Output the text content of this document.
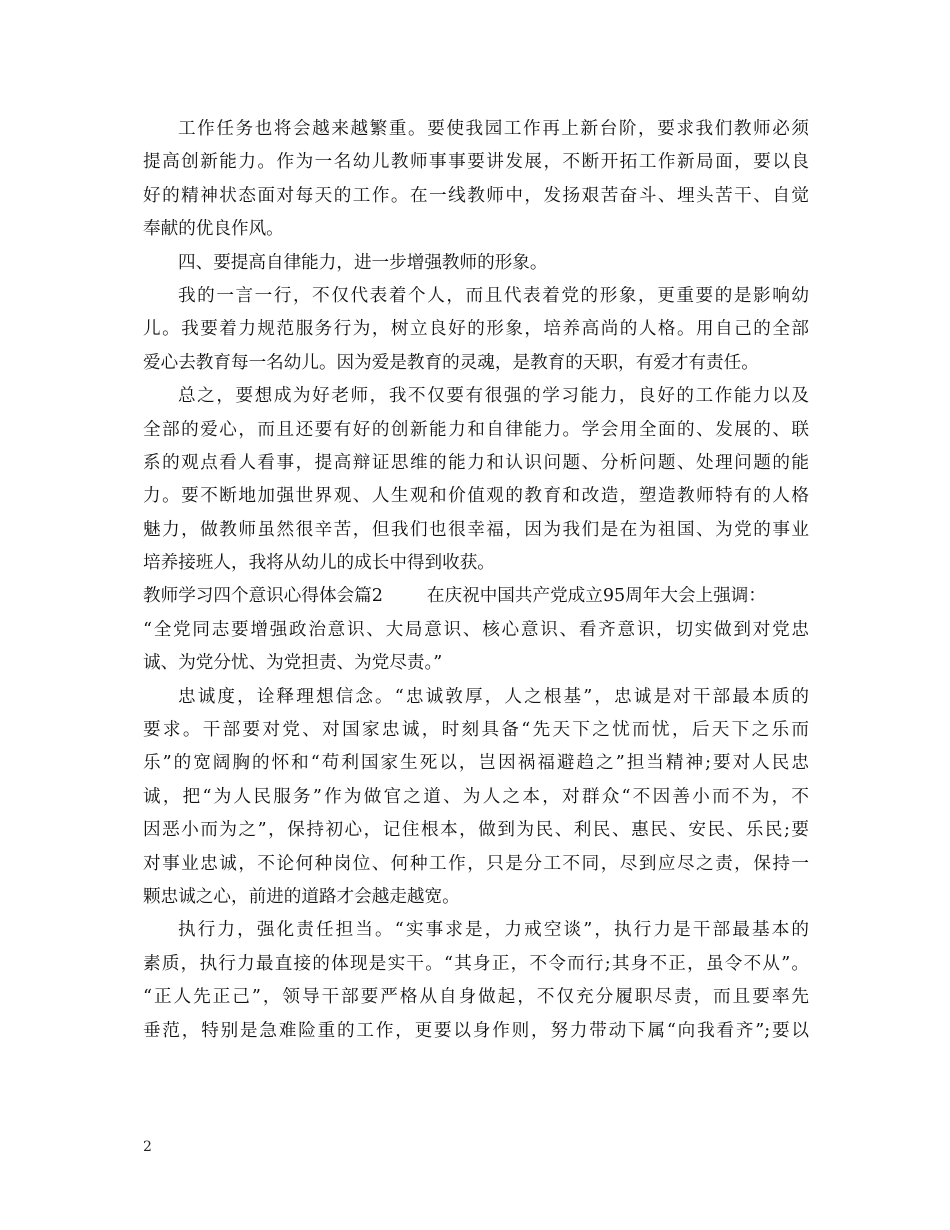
工作任务也将会越来越繁重。要使我园工作再上新台阶，要求我们教师必须
提高创新能力。作为一名幼儿教师事事要讲发展，不断开拓工作新局面，要以良
好的精神状态面对每天的工作。在一线教师中，发扬艰苦奋斗、埋头苦干、自觉
奉献的优良作风。
四、要提高自律能力，进一步增强教师的形象。
我的一言一行，不仅代表着个人，而且代表着党的形象，更重要的是影响幼
儿。我要着力规范服务行为，树立良好的形象，培养高尚的人格。用自己的全部
爱心去教育每一名幼儿。因为爱是教育的灵魂，是教育的天职，有爱才有责任。
总之，要想成为好老师，我不仅要有很强的学习能力，良好的工作能力以及
全部的爱心，而且还要有好的创新能力和自律能力。学会用全面的、发展的、联
系的观点看人看事，提高辩证思维的能力和认识问题、分析问题、处理问题的能
力。要不断地加强世界观、人生观和价值观的教育和改造，塑造教师特有的人格
魅力，做教师虽然很辛苦，但我们也很幸福，因为我们是在为祖国、为党的事业
培养接班人，我将从幼儿的成长中得到收获。
教师学习四个意识心得体会篇2	在庆祝中国共产党成立95周年大会上强调：
“全党同志要增强政治意识、大局意识、核心意识、看齐意识，切实做到对党忠
诚、为党分忧、为党担责、为党尽责。”
忠诚度，诠释理想信念。“忠诚敦厚，人之根基”，忠诚是对干部最本质的
要求。干部要对党、对国家忠诚，时刻具备“先天下之忧而忧，后天下之乐而
乐”的宽阔胸的怀和“苟利国家生死以，岂因祸福避趋之”担当精神;要对人民忠
诚，把“为人民服务”作为做官之道、为人之本，对群众“不因善小而不为，不
因恶小而为之”，保持初心，记住根本，做到为民、利民、惠民、安民、乐民;要
对事业忠诚，不论何种岗位、何种工作，只是分工不同，尽到应尽之责，保持一
颗忠诚之心，前进的道路才会越走越宽。
执行力，强化责任担当。“实事求是，力戒空谈”，执行力是干部最基本的
素质，执行力最直接的体现是实干。“其身正，不令而行;其身不正，虽令不从”。
“正人先正己”，领导干部要严格从自身做起，不仅充分履职尽责，而且要率先
垂范，特别是急难险重的工作，更要以身作则，努力带动下属“向我看齐”;要以
2
